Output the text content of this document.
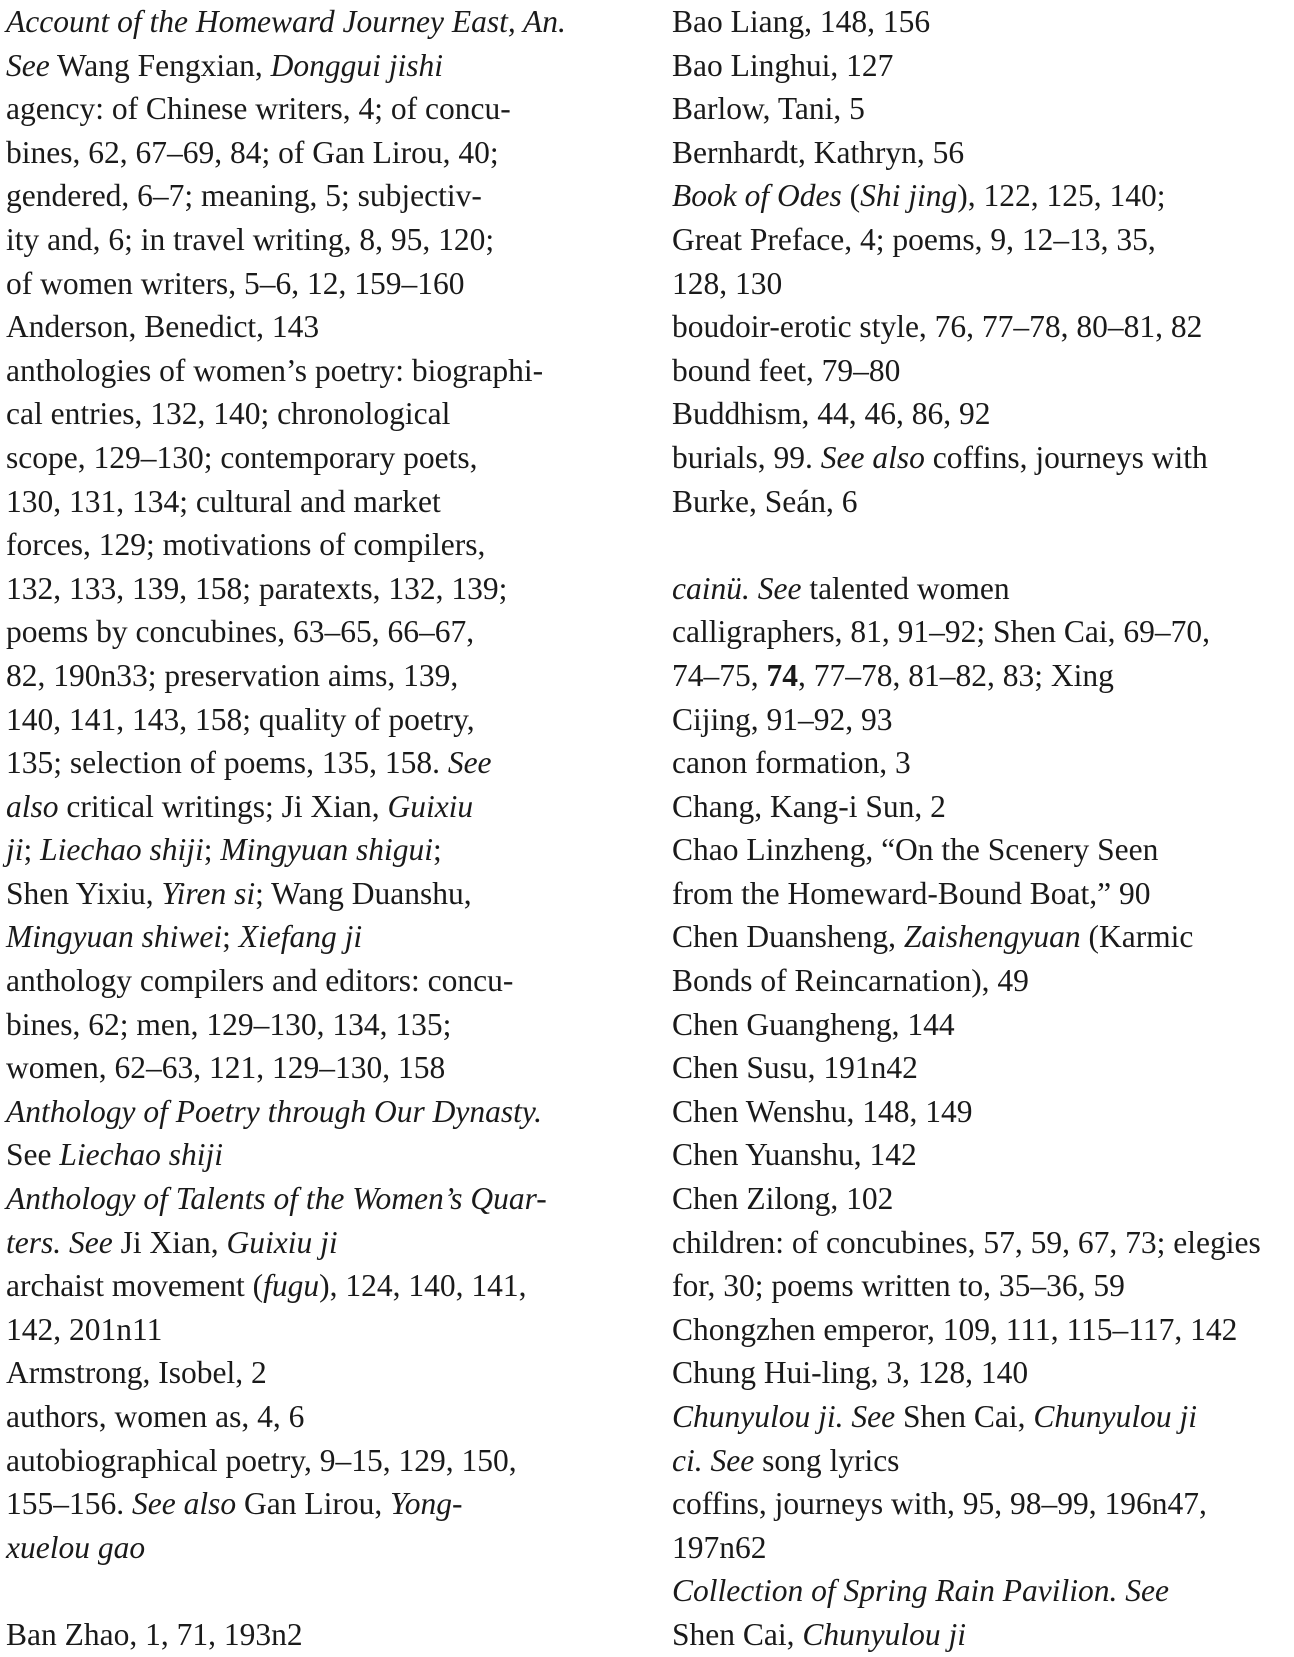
Account of the Homeward Journey East, An.
See Wang Fengxian, Donggui jishi

agency: of Chinese writers, 4; of concu-
bines, 62, 67–69, 84; of Gan Lirou, 40;
gendered, 6–7; meaning, 5; subjectiv-
ity and, 6; in travel writing, 8, 95, 120;
of women writers, 5–6, 12, 159–160

Anderson, Benedict, 143

anthologies of women’s poetry: biographi-
cal entries, 132, 140; chronological
scope, 129–130; contemporary poets,
130, 131, 134; cultural and market
forces, 129; motivations of compilers,
132, 133, 139, 158; paratexts, 132, 139;
poems by concubines, 63–65, 66–67,
82, 190n33; preservation aims, 139,
140, 141, 143, 158; quality of poetry,
135; selection of poems, 135, 158. See
also critical writings; Ji Xian, Guixiu
ji; Liechao shiji; Mingyuan shigui;
Shen Yixiu, Yiren si; Wang Duanshu,
Mingyuan shiwei; Xiefang ji

anthology compilers and editors: concu-
bines, 62; men, 129–130, 134, 135;
women, 62–63, 121, 129–130, 158

Anthology of Poetry through Our Dynasty.
See Liechao shiji

Anthology of Talents of the Women’s Quar-
ters. See Ji Xian, Guixiu ji

archaist movement (fugu), 124, 140, 141,
142, 201n11

Armstrong, Isobel, 2

authors, women as, 4, 6

autobiographical poetry, 9–15, 129, 150,
155–156. See also Gan Lirou, Yong-
xuelou gao

Ban Zhao, 1, 71, 193n2

Bao Liang, 148, 156

Bao Linghui, 127

Barlow, Tani, 5

Bernhardt, Kathryn, 56

Book of Odes (Shi jing), 122, 125, 140;
Great Preface, 4; poems, 9, 12–13, 35,
128, 130

boudoir-erotic style, 76, 77–78, 80–81, 82

bound feet, 79–80

Buddhism, 44, 46, 86, 92

burials, 99. See also coffins, journeys with

Burke, Seán, 6

cainü. See talented women

calligraphers, 81, 91–92; Shen Cai, 69–70,
74–75, 74, 77–78, 81–82, 83; Xing
Cijing, 91–92, 93

canon formation, 3

Chang, Kang-i Sun, 2

Chao Linzheng, “On the Scenery Seen
from the Homeward-Bound Boat,” 90

Chen Duansheng, Zaishengyuan (Karmic
Bonds of Reincarnation), 49

Chen Guangheng, 144

Chen Susu, 191n42

Chen Wenshu, 148, 149

Chen Yuanshu, 142

Chen Zilong, 102

children: of concubines, 57, 59, 67, 73; elegies
for, 30; poems written to, 35–36, 59

Chongzhen emperor, 109, 111, 115–117, 142

Chung Hui-ling, 3, 128, 140

Chunyulou ji. See Shen Cai, Chunyulou ji

ci. See song lyrics

coffins, journeys with, 95, 98–99, 196n47,
197n62

Collection of Spring Rain Pavilion. See
Shen Cai, Chunyulou ji
